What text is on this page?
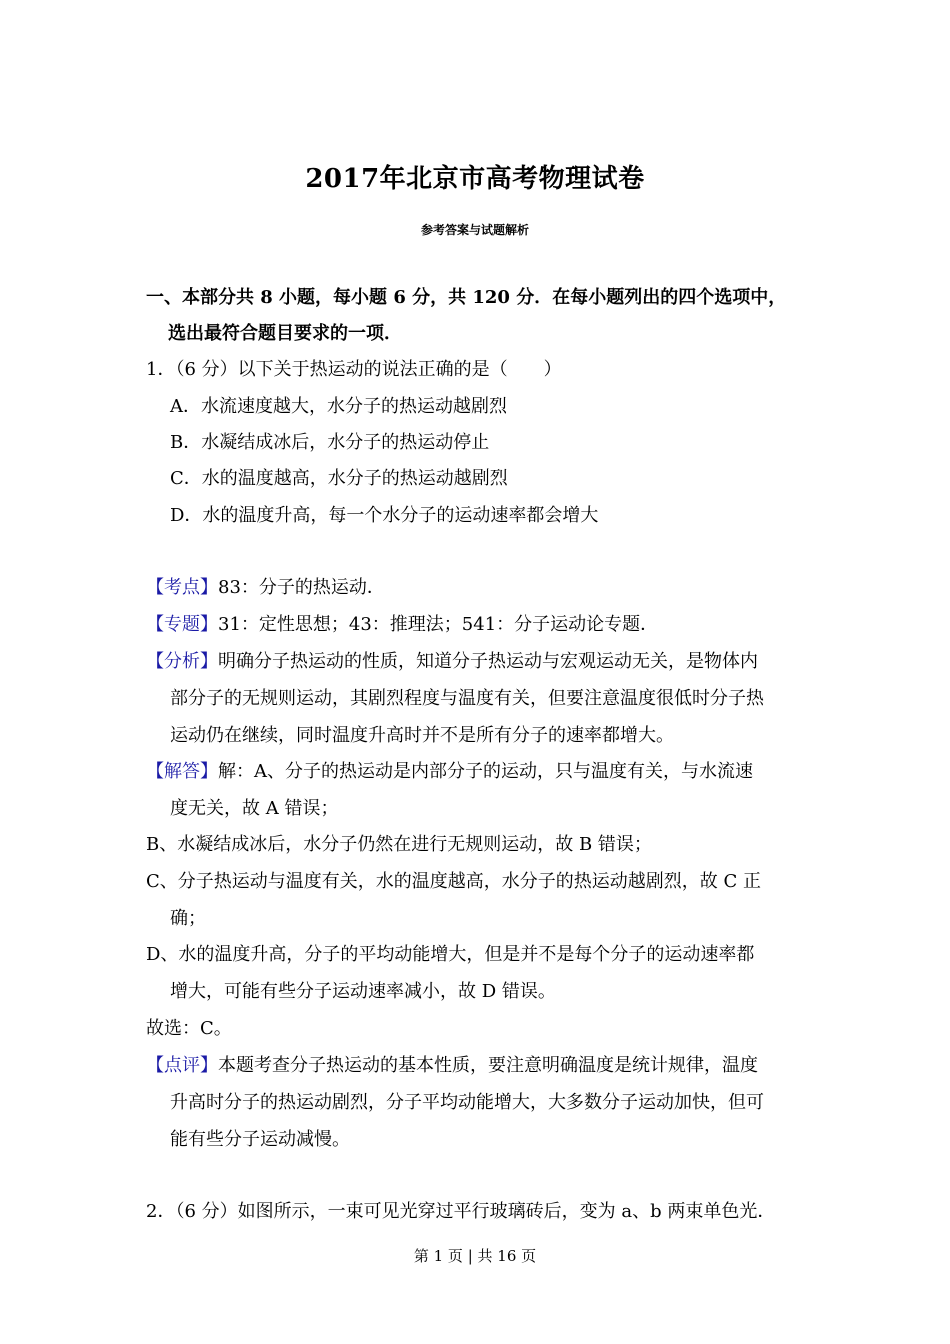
2017年北京市高考物理试卷
参考答案与试题解析
一、本部分共 8 小题，每小题 6 分，共 120 分．在每小题列出的四个选项中，
选出最符合题目要求的一项．
1．（6 分）以下关于热运动的说法正确的是（　　）
A．水流速度越大，水分子的热运动越剧烈
B．水凝结成冰后，水分子的热运动停止
C．水的温度越高，水分子的热运动越剧烈
D．水的温度升高，每一个水分子的运动速率都会增大
【考点】83：分子的热运动．
【专题】31：定性思想；43：推理法；541：分子运动论专题．
【分析】明确分子热运动的性质，知道分子热运动与宏观运动无关，是物体内
部分子的无规则运动，其剧烈程度与温度有关，但要注意温度很低时分子热
运动仍在继续，同时温度升高时并不是所有分子的速率都增大。
【解答】解：A、分子的热运动是内部分子的运动，只与温度有关，与水流速
度无关，故 A 错误；
B、水凝结成冰后，水分子仍然在进行无规则运动，故 B 错误；
C、分子热运动与温度有关，水的温度越高，水分子的热运动越剧烈，故 C 正
确；
D、水的温度升高，分子的平均动能增大，但是并不是每个分子的运动速率都
增大，可能有些分子运动速率减小，故 D 错误。
故选：C。
【点评】本题考查分子热运动的基本性质，要注意明确温度是统计规律，温度
升高时分子的热运动剧烈，分子平均动能增大，大多数分子运动加快，但可
能有些分子运动减慢。
2．（6 分）如图所示，一束可见光穿过平行玻璃砖后，变为 a、b 两束单色光．
第 1 页 | 共 16 页
